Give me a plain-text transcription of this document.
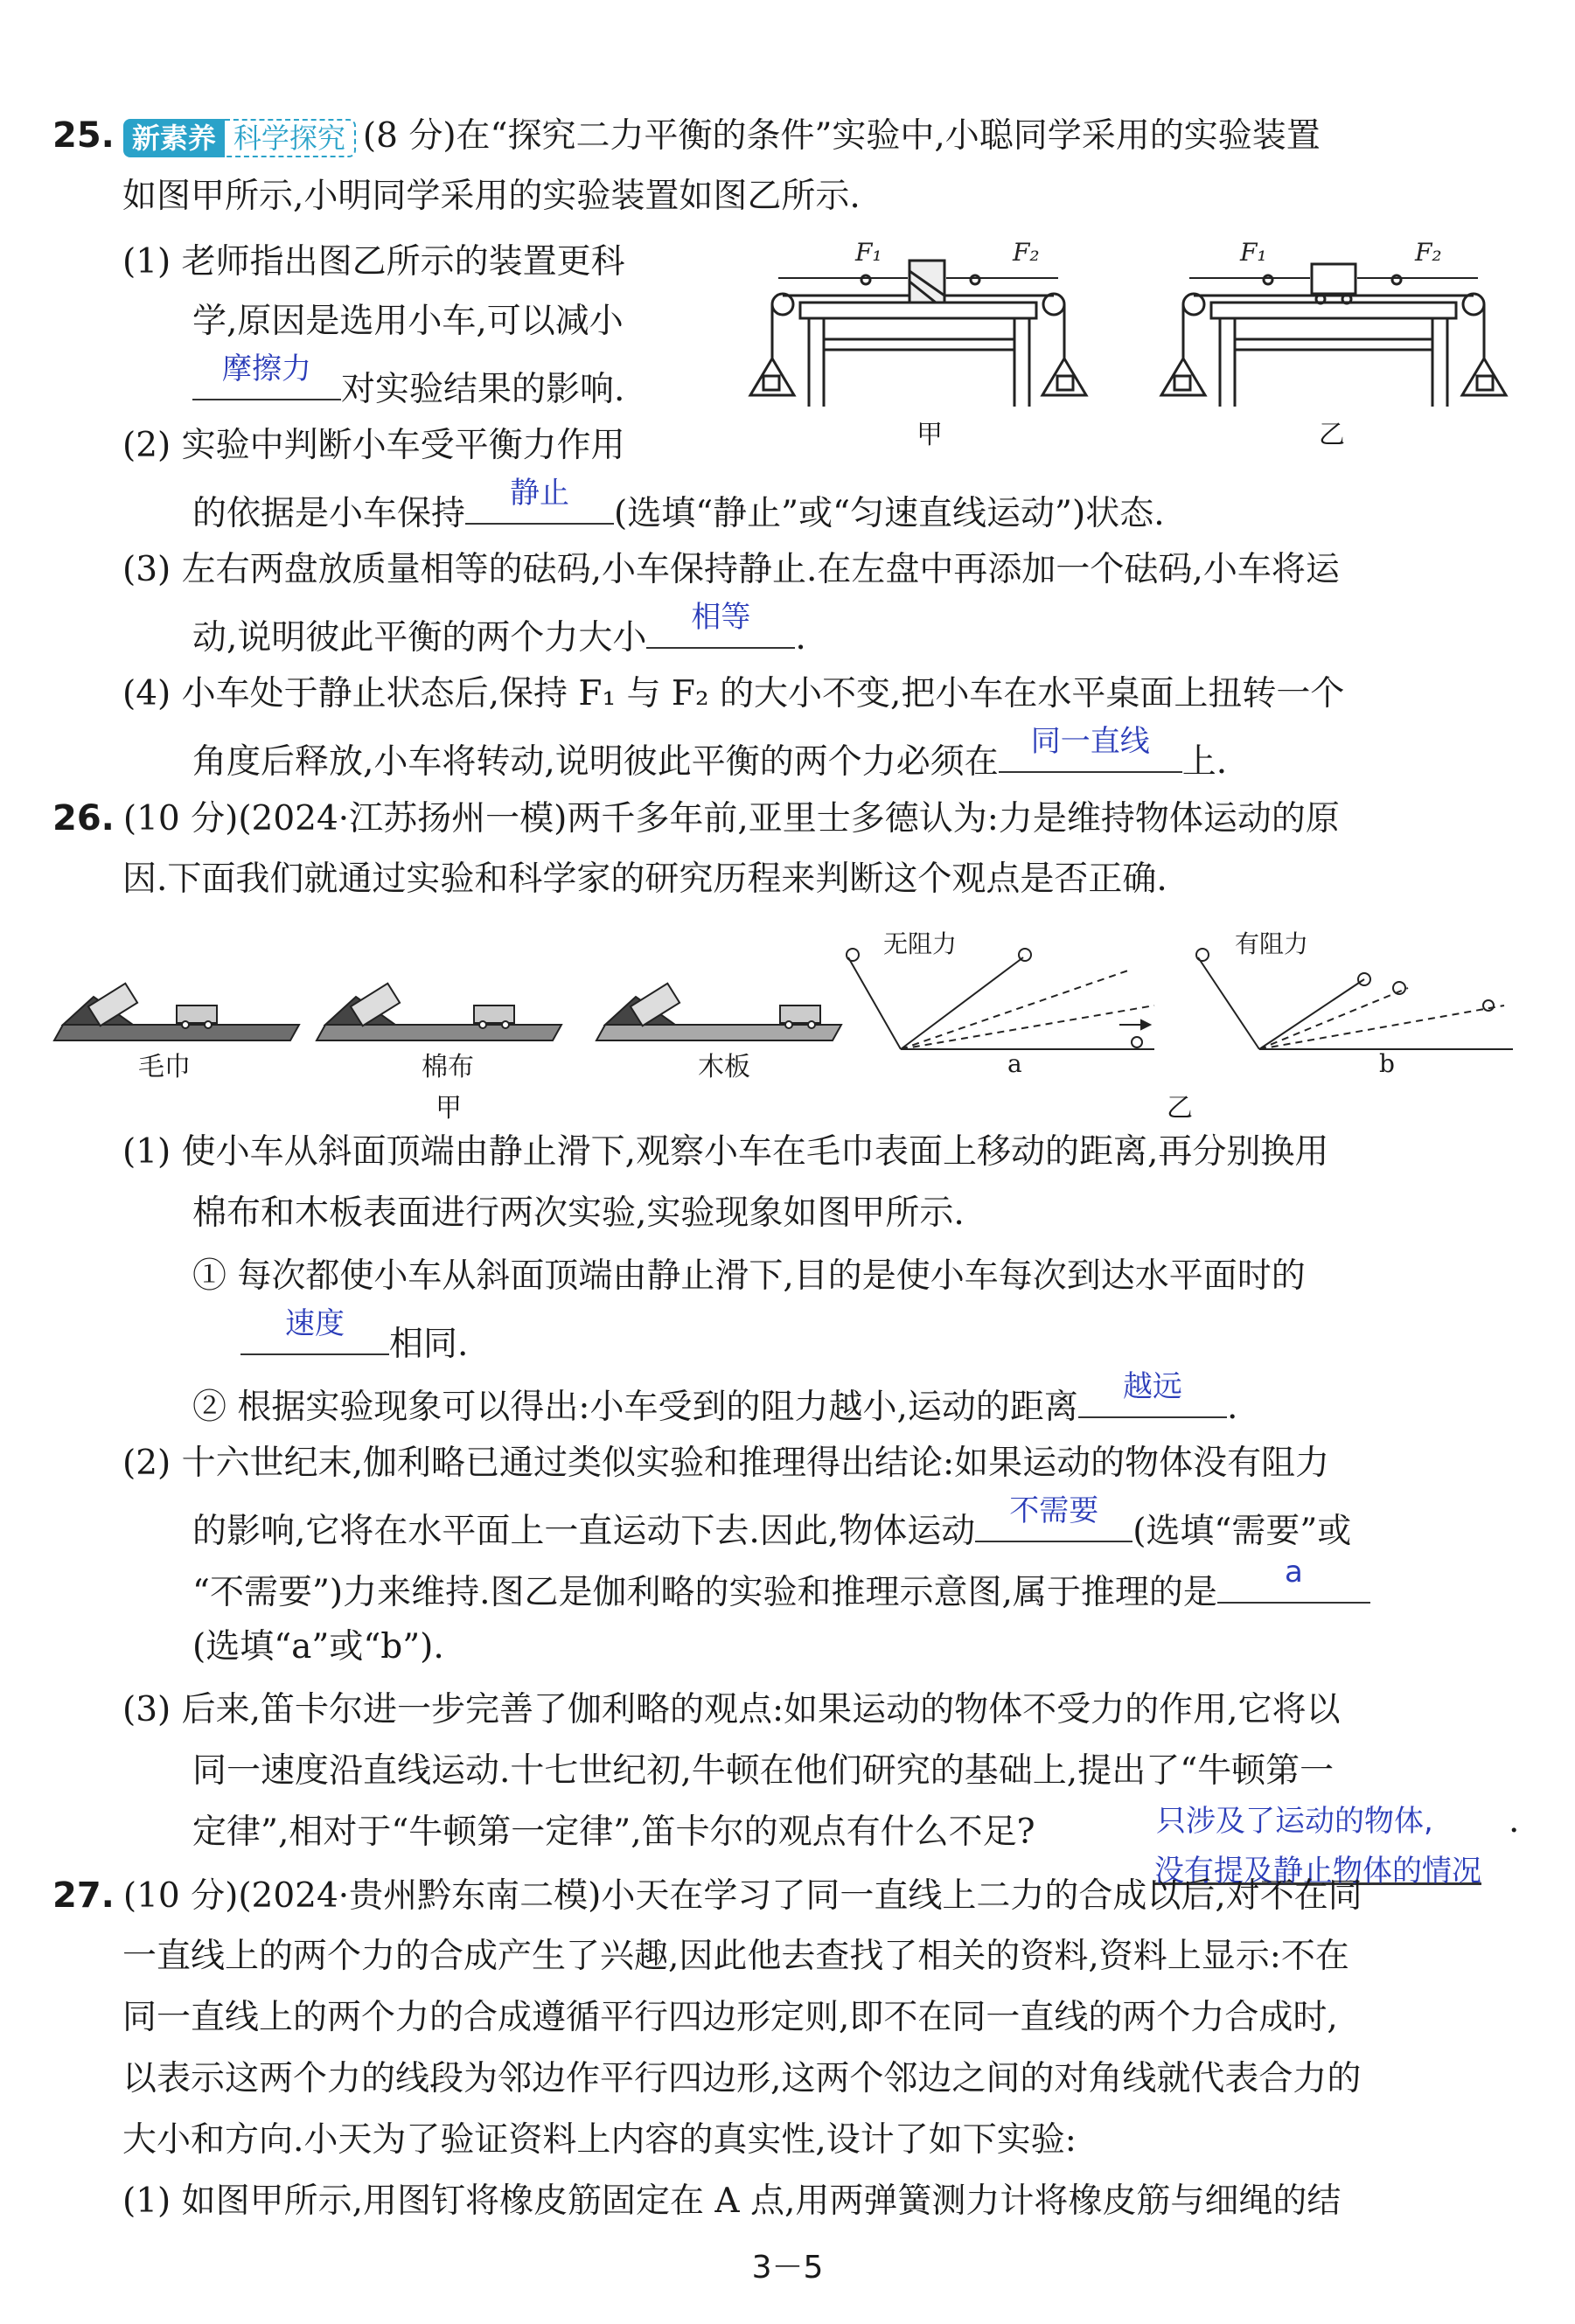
25. 新素养 科学探究 (8 分)在“探究二力平衡的条件”实验中,小聪同学采用的实验装置
如图甲所示,小明同学采用的实验装置如图乙所示.
(1) 老师指出图乙所示的装置更科
学,原因是选用小车,可以减小
摩擦力
对实验结果的影响.
(2) 实验中判断小车受平衡力作用
的依据是小车保持
静止
(选填“静止”或“匀速直线运动”)状态.
(3) 左右两盘放质量相等的砝码,小车保持静止.在左盘中再添加一个砝码,小车将运
动,说明彼此平衡的两个力大小
相等
.
(4) 小车处于静止状态后,保持 F₁ 与 F₂ 的大小不变,把小车在水平桌面上扭转一个
角度后释放,小车将转动,说明彼此平衡的两个力必须在
同一直线
上.
F₁	F₂
甲
F₁	F₂
乙
26. (10 分)(2024·江苏扬州一模)两千多年前,亚里士多德认为:力是维持物体运动的原
因.下面我们就通过实验和科学家的研究历程来判断这个观点是否正确.
毛巾	棉布	木板
甲
无阻力	有阻力
a	b
乙
(1) 使小车从斜面顶端由静止滑下,观察小车在毛巾表面上移动的距离,再分别换用
棉布和木板表面进行两次实验,实验现象如图甲所示.
① 每次都使小车从斜面顶端由静止滑下,目的是使小车每次到达水平面时的
速度
相同.
② 根据实验现象可以得出:小车受到的阻力越小,运动的距离
越远
.
(2) 十六世纪末,伽利略已通过类似实验和推理得出结论:如果运动的物体没有阻力
的影响,它将在水平面上一直运动下去.因此,物体运动
不需要
(选填“需要”或
“不需要”)力来维持.图乙是伽利略的实验和推理示意图,属于推理的是
a
(选填“a”或“b”).
(3) 后来,笛卡尔进一步完善了伽利略的观点:如果运动的物体不受力的作用,它将以
同一速度沿直线运动.十七世纪初,牛顿在他们研究的基础上,提出了“牛顿第一
定律”,相对于“牛顿第一定律”,笛卡尔的观点有什么不足?	只涉及了运动的物体,
没有提及静止物体的情况
.
27. (10 分)(2024·贵州黔东南二模)小天在学习了同一直线上二力的合成以后,对不在同
一直线上的两个力的合成产生了兴趣,因此他去查找了相关的资料,资料上显示:不在
同一直线上的两个力的合成遵循平行四边形定则,即不在同一直线的两个力合成时,
以表示这两个力的线段为邻边作平行四边形,这两个邻边之间的对角线就代表合力的
大小和方向.小天为了验证资料上内容的真实性,设计了如下实验:
(1) 如图甲所示,用图钉将橡皮筋固定在 A 点,用两弹簧测力计将橡皮筋与细绳的结
3－5
